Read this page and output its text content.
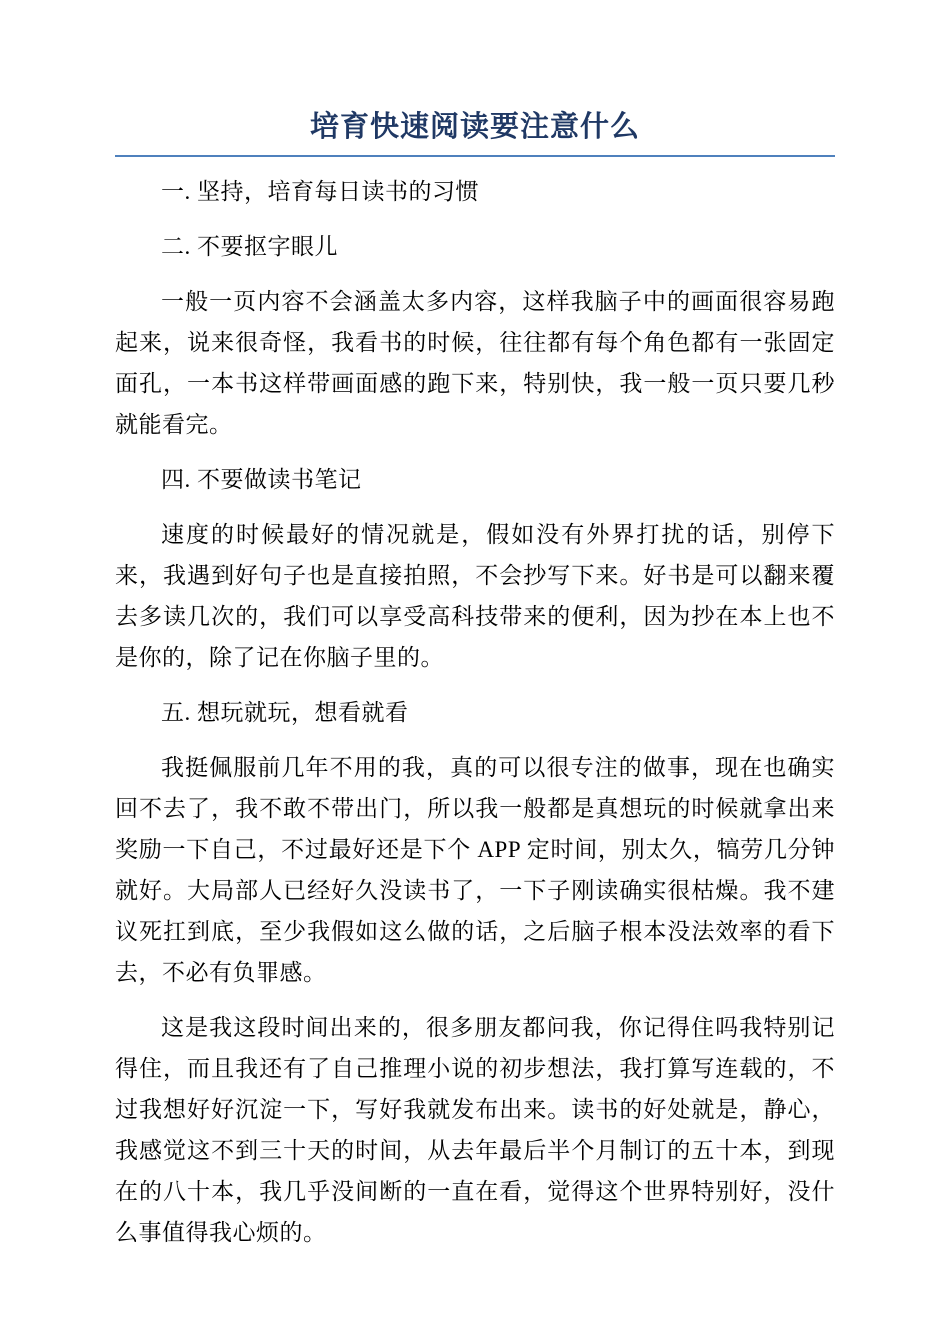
培育快速阅读要注意什么

一. 坚持，培育每日读书的习惯

二. 不要抠字眼儿

一般一页内容不会涵盖太多内容，这样我脑子中的画面很容易跑起来，说来很奇怪，我看书的时候，往往都有每个角色都有一张固定面孔，一本书这样带画面感的跑下来，特别快，我一般一页只要几秒就能看完。

四. 不要做读书笔记

速度的时候最好的情况就是，假如没有外界打扰的话，别停下来，我遇到好句子也是直接拍照，不会抄写下来。好书是可以翻来覆去多读几次的，我们可以享受高科技带来的便利，因为抄在本上也不是你的，除了记在你脑子里的。

五. 想玩就玩，想看就看

我挺佩服前几年不用的我，真的可以很专注的做事，现在也确实回不去了，我不敢不带出门，所以我一般都是真想玩的时候就拿出来奖励一下自己，不过最好还是下个 APP 定时间，别太久，犒劳几分钟就好。大局部人已经好久没读书了，一下子刚读确实很枯燥。我不建议死扛到底，至少我假如这么做的话，之后脑子根本没法效率的看下去，不必有负罪感。

这是我这段时间出来的，很多朋友都问我，你记得住吗我特别记得住，而且我还有了自己推理小说的初步想法，我打算写连载的，不过我想好好沉淀一下，写好我就发布出来。读书的好处就是，静心，我感觉这不到三十天的时间，从去年最后半个月制订的五十本，到现在的八十本，我几乎没间断的一直在看，觉得这个世界特别好，没什么事值得我心烦的。
